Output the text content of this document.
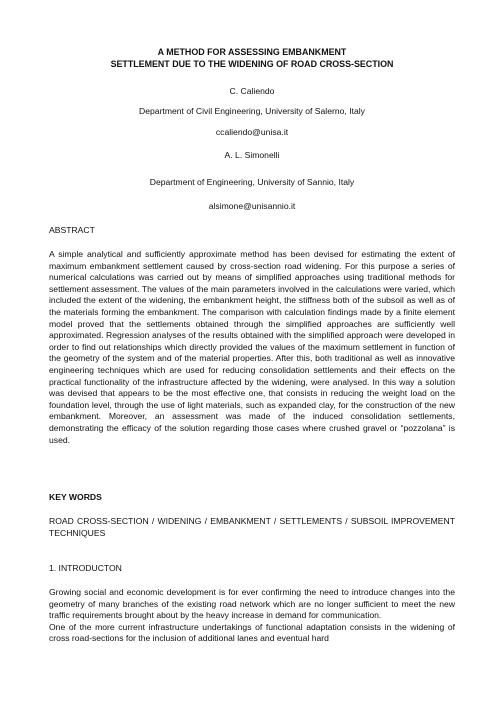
A METHOD FOR ASSESSING EMBANKMENT
SETTLEMENT DUE TO THE WIDENING OF ROAD CROSS-SECTION
C. Caliendo
Department of Civil Engineering, University of Salerno, Italy
ccaliendo@unisa.it
A. L. Simonelli
Department of Engineering, University of Sannio, Italy
alsimone@unisannio.it
ABSTRACT

A simple analytical and sufficiently approximate method has been devised for estimating the extent of maximum embankment settlement caused by cross-section road widening. For this purpose a series of numerical calculations was carried out by means of simplified approaches using traditional methods for settlement assessment. The values of the main parameters involved in the calculations were varied, which included the extent of the widening, the embankment height, the stiffness both of the subsoil as well as of the materials forming the embankment. The comparison with calculation findings made by a finite element model proved that the settlements obtained through the simplified approaches are sufficiently well approximated. Regression analyses of the results obtained with the simplified approach were developed in order to find out relationships which directly provided the values of the maximum settlement in function of the geometry of the system and of the material properties. After this, both traditional as well as innovative engineering techniques which are used for reducing consolidation settlements and their effects on the practical functionality of the infrastructure affected by the widening, were analysed. In this way a solution was devised that appears to be the most effective one, that consists in reducing the weight load on the foundation level, through the use of light materials, such as expanded clay, for the construction of the new embankment. Moreover, an assessment was made of the induced consolidation settlements, demonstrating the efficacy of the solution regarding those cases where crushed gravel or “pozzolana” is used.

KEY WORDS

ROAD CROSS-SECTION / WIDENING / EMBANKMENT / SETTLEMENTS / SUBSOIL IMPROVEMENT TECHNIQUES

1. INTRODUCTON

Growing social and economic development is for ever confirming the need to introduce changes into the geometry of many branches of the existing road network which are no longer sufficient to meet the new traffic requirements brought about by the heavy increase in demand for communication.

One of the more current infrastructure undertakings of functional adaptation consists in the widening of cross road-sections for the inclusion of additional lanes and eventual hard
